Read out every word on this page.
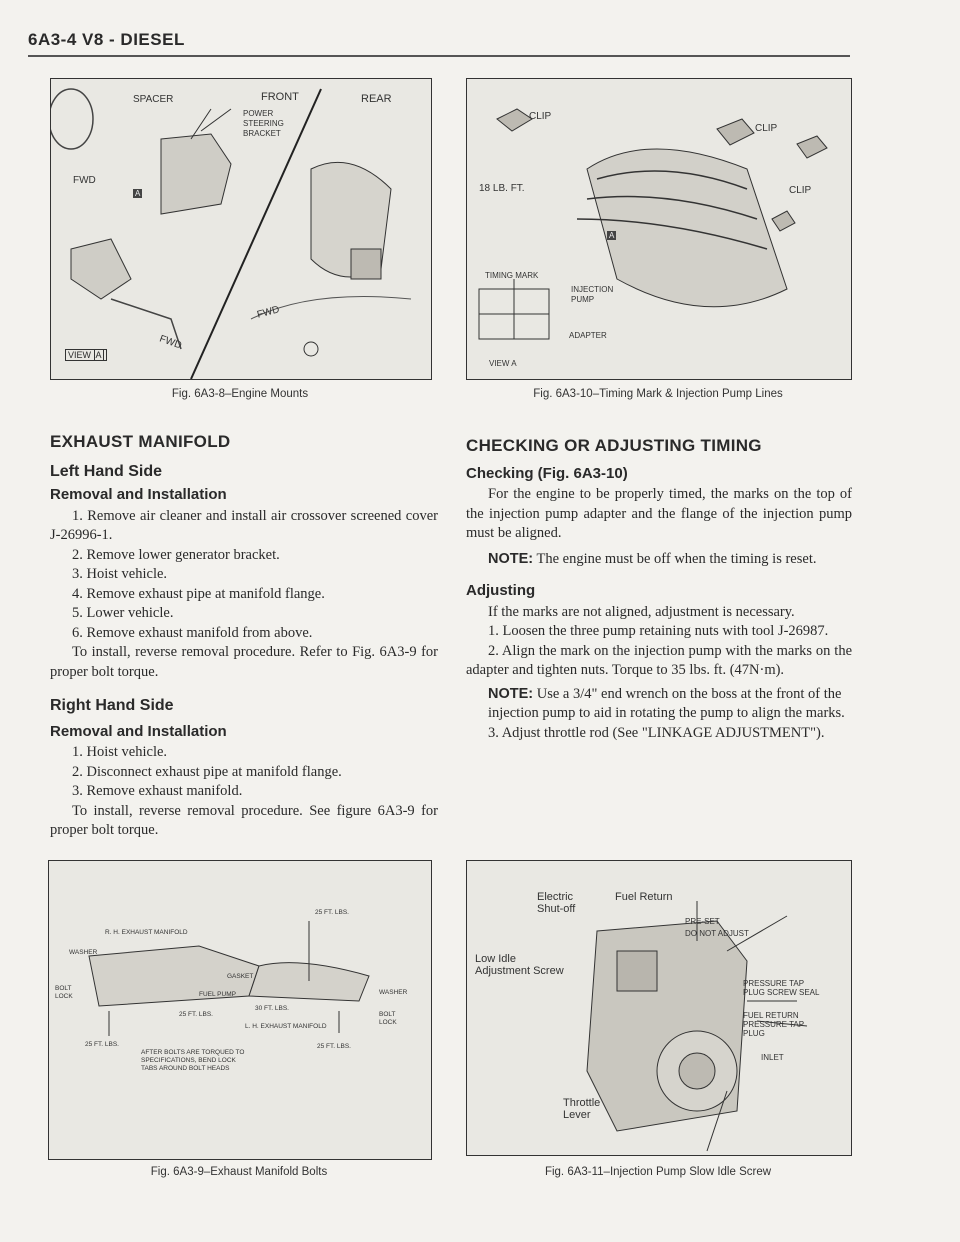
6A3-4 V8 - DIESEL
SPACER	FRONT	REAR
POWER
STEERING
BRACKET
FWD
A
FWD
FWD
VIEW A
Fig. 6A3-8–Engine Mounts
CLIP
CLIP
CLIP
18 LB. FT.
TIMING MARK
INJECTION
PUMP
ADAPTER
VIEW A
A
Fig. 6A3-10–Timing Mark & Injection Pump Lines
EXHAUST MANIFOLD
Left Hand Side
Removal and Installation

1. Remove air cleaner and install air crossover screened cover J-26996-1.

2. Remove lower generator bracket.

3. Hoist vehicle.

4. Remove exhaust pipe at manifold flange.

5. Lower vehicle.

6. Remove exhaust manifold from above.

To install, reverse removal procedure. Refer to Fig. 6A3-9 for proper bolt torque.

Right Hand Side
Removal and Installation

1. Hoist vehicle.

2. Disconnect exhaust pipe at manifold flange.

3. Remove exhaust manifold.

To install, reverse removal procedure. See figure 6A3-9 for proper bolt torque.

CHECKING OR ADJUSTING TIMING
Checking (Fig. 6A3-10)

For the engine to be properly timed, the marks on the top of the injection pump adapter and the flange of the injection pump must be aligned.

NOTE: The engine must be off when the timing is reset.

Adjusting

If the marks are not aligned, adjustment is necessary.

1. Loosen the three pump retaining nuts with tool J-26987.

2. Align the mark on the injection pump with the marks on the adapter and tighten nuts. Torque to 35 lbs. ft. (47N·m).

NOTE: Use a 3/4" end wrench on the boss at the front of the injection pump to aid in rotating the pump to align the marks.

3. Adjust throttle rod (See "LINKAGE ADJUSTMENT").

R. H. EXHAUST MANIFOLD
WASHER
GASKET
BOLT
LOCK	FUEL PUMP
25 FT. LBS.
25 FT. LBS.
25 FT. LBS.
30 FT. LBS.
L. H. EXHAUST MANIFOLD
WASHER
BOLT
LOCK
25 FT. LBS.
AFTER BOLTS ARE TORQUED TO
SPECIFICATIONS, BEND LOCK
TABS AROUND BOLT HEADS
Fig. 6A3-9–Exhaust Manifold Bolts
Electric
Shut-off
Fuel Return
PRE-SET
DO NOT ADJUST
Low Idle
Adjustment Screw
PRESSURE TAP
PLUG SCREW SEAL
FUEL RETURN
PRESSURE TAP
PLUG
INLET
Throttle
Lever
Fig. 6A3-11–Injection Pump Slow Idle Screw
